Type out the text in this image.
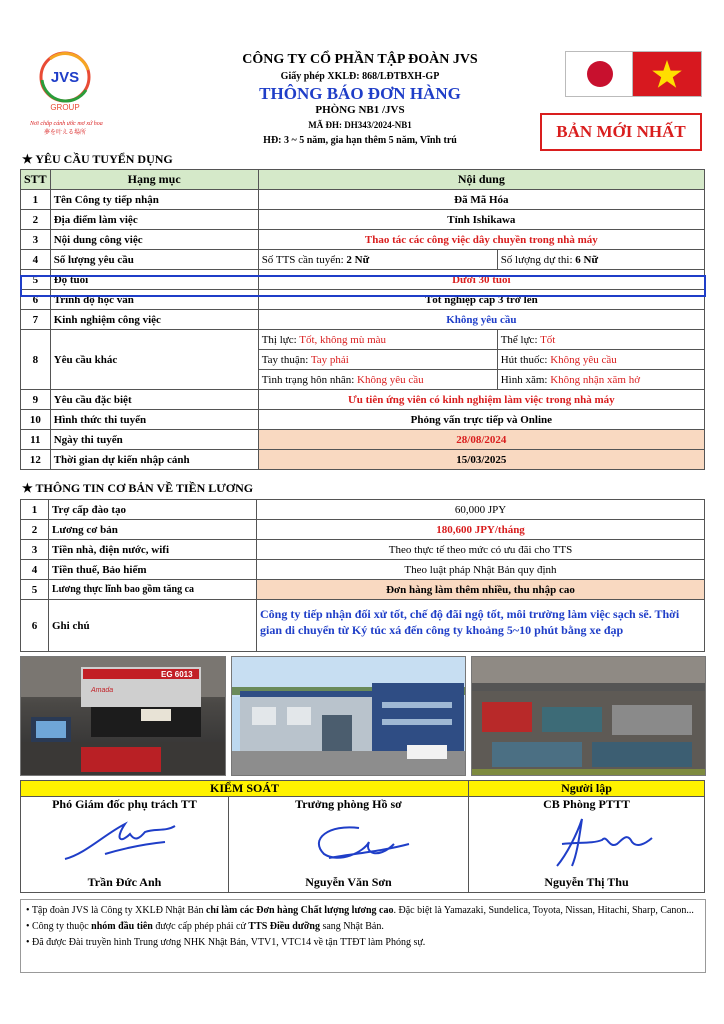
JVS
GROUP
Nơi chắp cánh ước mơ xứ hoa
夢を叶える場所
CÔNG TY CỔ PHẦN TẬP ĐOÀN JVS
Giấy phép XKLĐ: 868/LĐTBXH-GP
THÔNG BÁO ĐƠN HÀNG
PHÒNG NB1 /JVS
MÃ ĐH: DH343/2024-NB1
HĐ: 3 ~ 5 năm, gia hạn thêm 5 năm, Vĩnh trú	BẢN MỚI NHẤT
★ YÊU CẦU TUYỂN DỤNG
STT	Hạng mục	Nội dung	
1	Tên Công ty tiếp nhận	Đã Mã Hóa	
2	Địa điểm làm việc	Tỉnh Ishikawa	
3	Nội dung công việc	Thao tác các công việc dây chuyền trong nhà máy	
4	Số lượng yêu cầu	Số TTS cần tuyển: 2 Nữ	Số lượng dự thi: 6 Nữ
5	Độ tuổi	Dưới 30 tuổi	
6	Trình độ học vấn	Tốt nghiệp cấp 3 trở lên	
7	Kinh nghiệm công việc	Không yêu cầu	
8	Yêu cầu khác	Thị lực: Tốt, không mù màu	Thể lực: Tốt
		Tay thuận: Tay phải	Hút thuốc: Không yêu cầu
		Tình trạng hôn nhân: Không yêu cầu	Hình xăm: Không nhận xăm hở
9	Yêu cầu đặc biệt	Ưu tiên ứng viên có kinh nghiệm làm việc trong nhà máy	
10	Hình thức thi tuyển	Phỏng vấn trực tiếp và Online	
11	Ngày thi tuyển	28/08/2024	
12	Thời gian dự kiến nhập cảnh	15/03/2025	
★ THÔNG TIN CƠ BẢN VỀ TIỀN LƯƠNG
1	Trợ cấp đào tạo	60,000 JPY
2	Lương cơ bản	180,600 JPY/tháng
3	Tiền nhà, điện nước, wifi	Theo thực tế theo mức có ưu đãi cho TTS
4	Tiền thuế, Bảo hiểm	Theo luật pháp Nhật Bản quy định
5	Lương thực lĩnh bao gồm tăng ca	Đơn hàng làm thêm nhiều, thu nhập cao
6	Ghi chú	Công ty tiếp nhận đối xử tốt, chế độ đãi ngộ tốt, môi trường làm việc sạch sẽ. Thời gian di chuyển từ Ký túc xá đến công ty khoảng 5~10 phút bằng xe đạp
EG 6013
Amada
KIỂM SOÁT		Người lập
Phó Giám đốc phụ trách TT	Trưởng phòng Hồ sơ	CB Phòng PTTT

Trần Đức Anh	Nguyễn Văn Sơn	Nguyễn Thị Thu
• Tập đoàn JVS là Công ty XKLĐ Nhật Bản chỉ làm các Đơn hàng Chất lượng lương cao. Đặc biệt là Yamazaki, Sundelica, Toyota, Nissan, Hitachi, Sharp, Canon...
• Công ty thuộc nhóm đầu tiên được cấp phép phái cử TTS Điều dưỡng sang Nhật Bản.
• Đã được Đài truyền hình Trung ương NHK Nhật Bản, VTV1, VTC14 về tận TTĐT làm Phóng sự.
